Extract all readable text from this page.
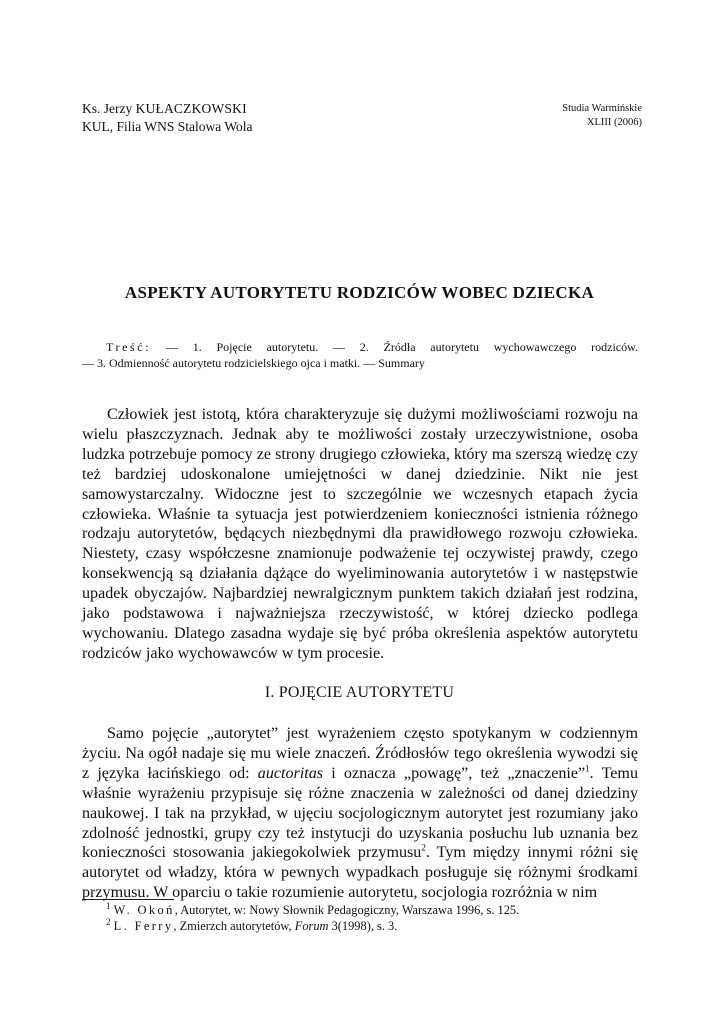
Ks. Jerzy KUŁACZKOWSKI
KUL, Filia WNS Stalowa Wola
Studia Warmińskie
XLIII (2006)
ASPEKTY AUTORYTETU RODZICÓW WOBEC DZIECKA
Treść: — 1. Pojęcie autorytetu. — 2. Źródła autorytetu wychowawczego rodziców.
— 3. Odmienność autorytetu rodzicielskiego ojca i matki. — Summary

Człowiek jest istotą, która charakteryzuje się dużymi możliwościami rozwoju na wielu płaszczyznach. Jednak aby te możliwości zostały urzeczywistnione, osoba ludzka potrzebuje pomocy ze strony drugiego człowieka, który ma szerszą wiedzę czy też bardziej udoskonalone umiejętności w danej dziedzinie. Nikt nie jest samowystarczalny. Widoczne jest to szczególnie we wczesnych etapach życia człowieka. Właśnie ta sytuacja jest potwierdzeniem konieczności istnienia różnego rodzaju autorytetów, będących niezbędnymi dla prawidłowego rozwoju człowieka. Niestety, czasy współczesne znamionuje podważenie tej oczywistej prawdy, czego konsekwencją są działania dążące do wyeliminowania autorytetów i w następstwie upadek obyczajów. Najbardziej newralgicznym punktem takich działań jest rodzina, jako podstawowa i najważniejsza rzeczywistość, w której dziecko podlega wychowaniu. Dlatego zasadna wydaje się być próba określenia aspektów autorytetu rodziców jako wychowawców w tym procesie.

I. POJĘCIE AUTORYTETU

Samo pojęcie „autorytet” jest wyrażeniem często spotykanym w codziennym życiu. Na ogół nadaje się mu wiele znaczeń. Źródłosłów tego określenia wywodzi się z języka łacińskiego od: auctoritas i oznacza „powagę”, też „znaczenie”$^1$. Temu właśnie wyrażeniu przypisuje się różne znaczenia w zależności od danej dziedziny naukowej. I tak na przykład, w ujęciu socjologicznym autorytet jest rozumiany jako zdolność jednostki, grupy czy też instytucji do uzyskania posłuchu lub uznania bez konieczności stosowania jakiegokolwiek przymusu$^2$. Tym między innymi różni się autorytet od władzy, która w pewnych wypadkach posługuje się różnymi środkami przymusu. W oparciu o takie rozumienie autorytetu, socjologia rozróżnia w nim

$^1$ W. Okoń, Autorytet, w: Nowy Słownik Pedagogiczny, Warszawa 1996, s. 125.
$^2$ L. Ferry, Zmierzch autorytetów, Forum 3(1998), s. 3.
